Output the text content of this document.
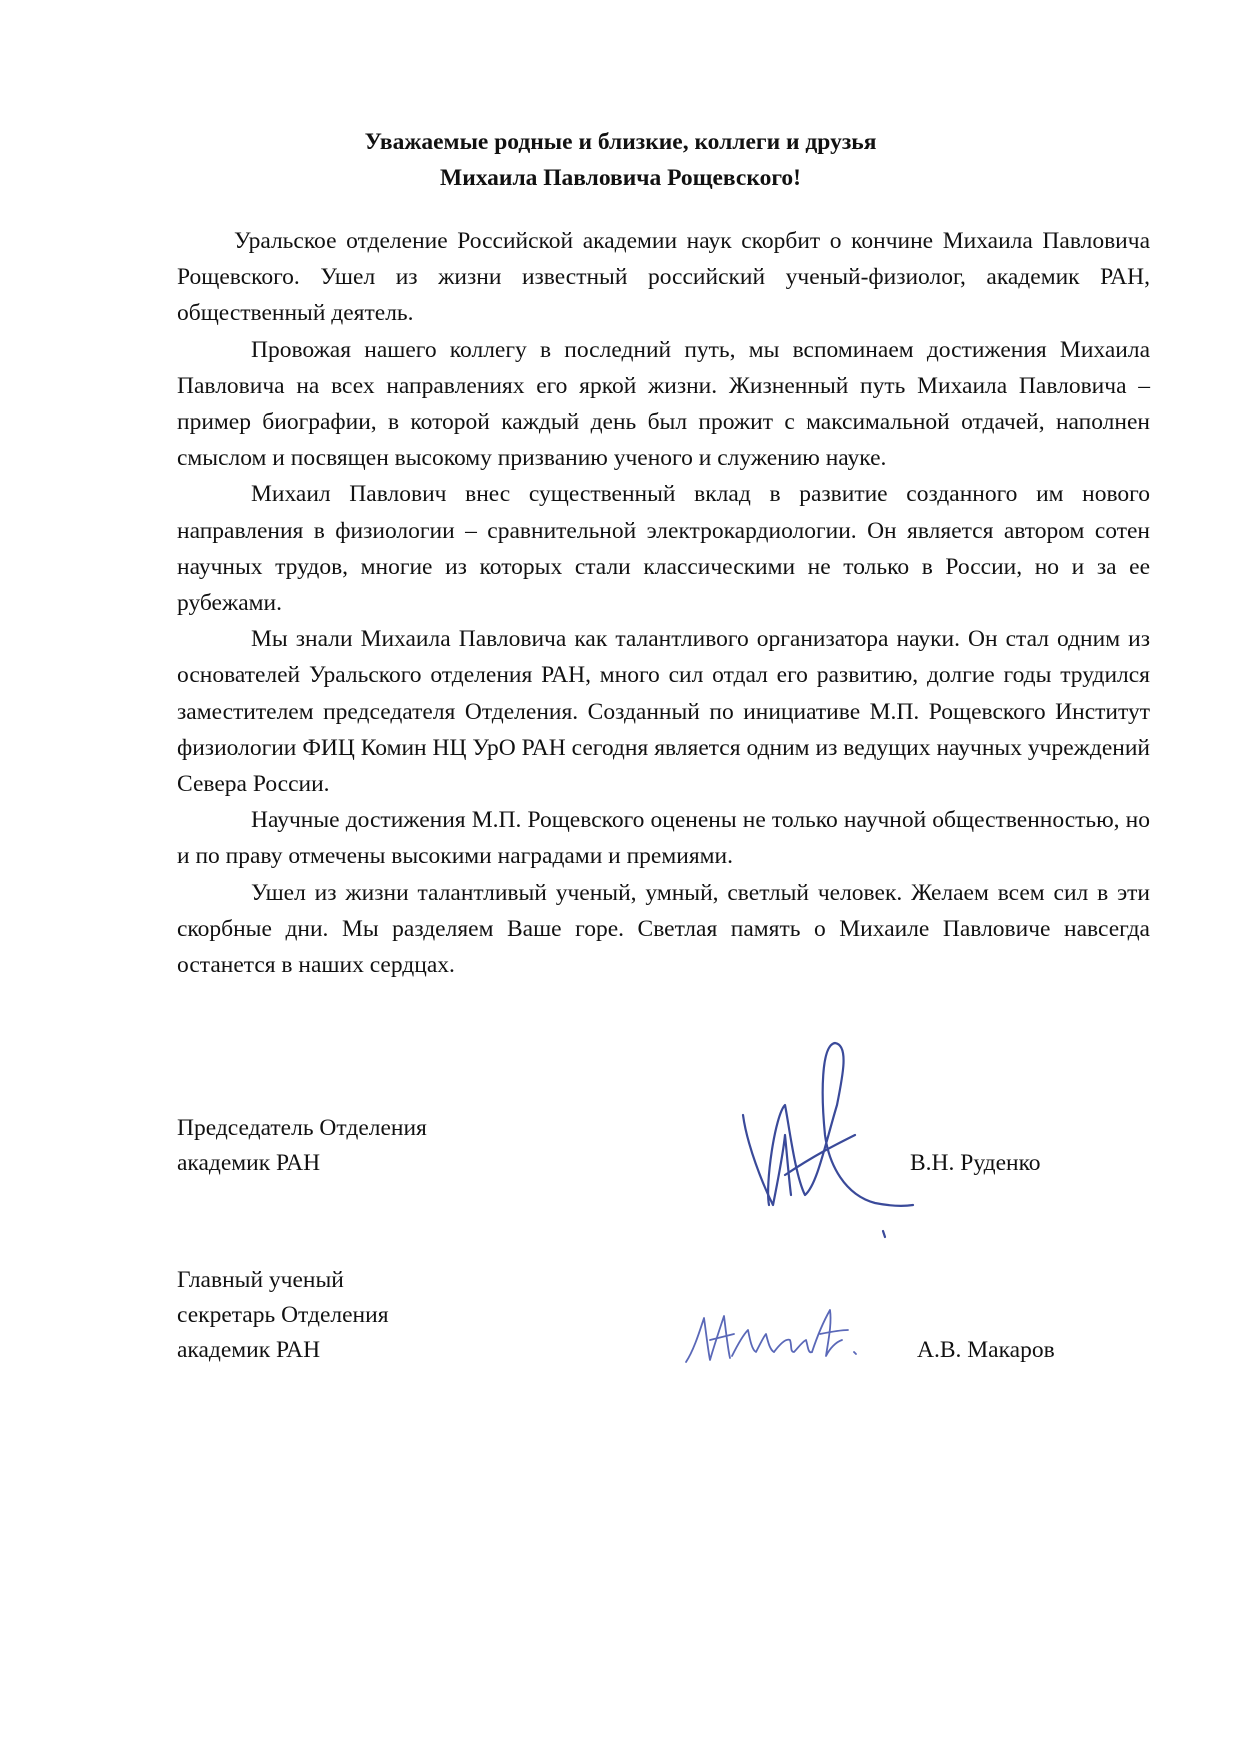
Уважаемые родные и близкие, коллеги и друзья
Михаила Павловича Рощевского!

Уральское отделение Российской академии наук скорбит о кончине Михаила Павловича Рощевского. Ушел из жизни известный российский ученый-физиолог, академик РАН, общественный деятель.

Провожая нашего коллегу в последний путь, мы вспоминаем достижения Михаила Павловича на всех направлениях его яркой жизни. Жизненный путь Михаила Павловича – пример биографии, в которой каждый день был прожит с максимальной отдачей, наполнен смыслом и посвящен высокому призванию ученого и служению науке.

Михаил Павлович внес существенный вклад в развитие созданного им нового направления в физиологии – сравнительной электрокардиологии. Он является автором сотен научных трудов, многие из которых стали классическими не только в России, но и за ее рубежами.

Мы знали Михаила Павловича как талантливого организатора науки. Он стал одним из основателей Уральского отделения РАН, много сил отдал его развитию, долгие годы трудился заместителем председателя Отделения. Созданный по инициативе М.П. Рощевского Институт физиологии ФИЦ Комин НЦ УрО РАН сегодня является одним из ведущих научных учреждений Севера России.

Научные достижения М.П. Рощевского оценены не только научной общественностью, но и по праву отмечены высокими наградами и премиями.

Ушел из жизни талантливый ученый, умный, светлый человек. Желаем всем сил в эти скорбные дни. Мы разделяем Ваше горе. Светлая память о Михаиле Павловиче навсегда останется в наших сердцах.

Председатель Отделения
академик РАН	В.Н. Руденко
Главный ученый
секретарь Отделения
академик РАН	А.В. Макаров
